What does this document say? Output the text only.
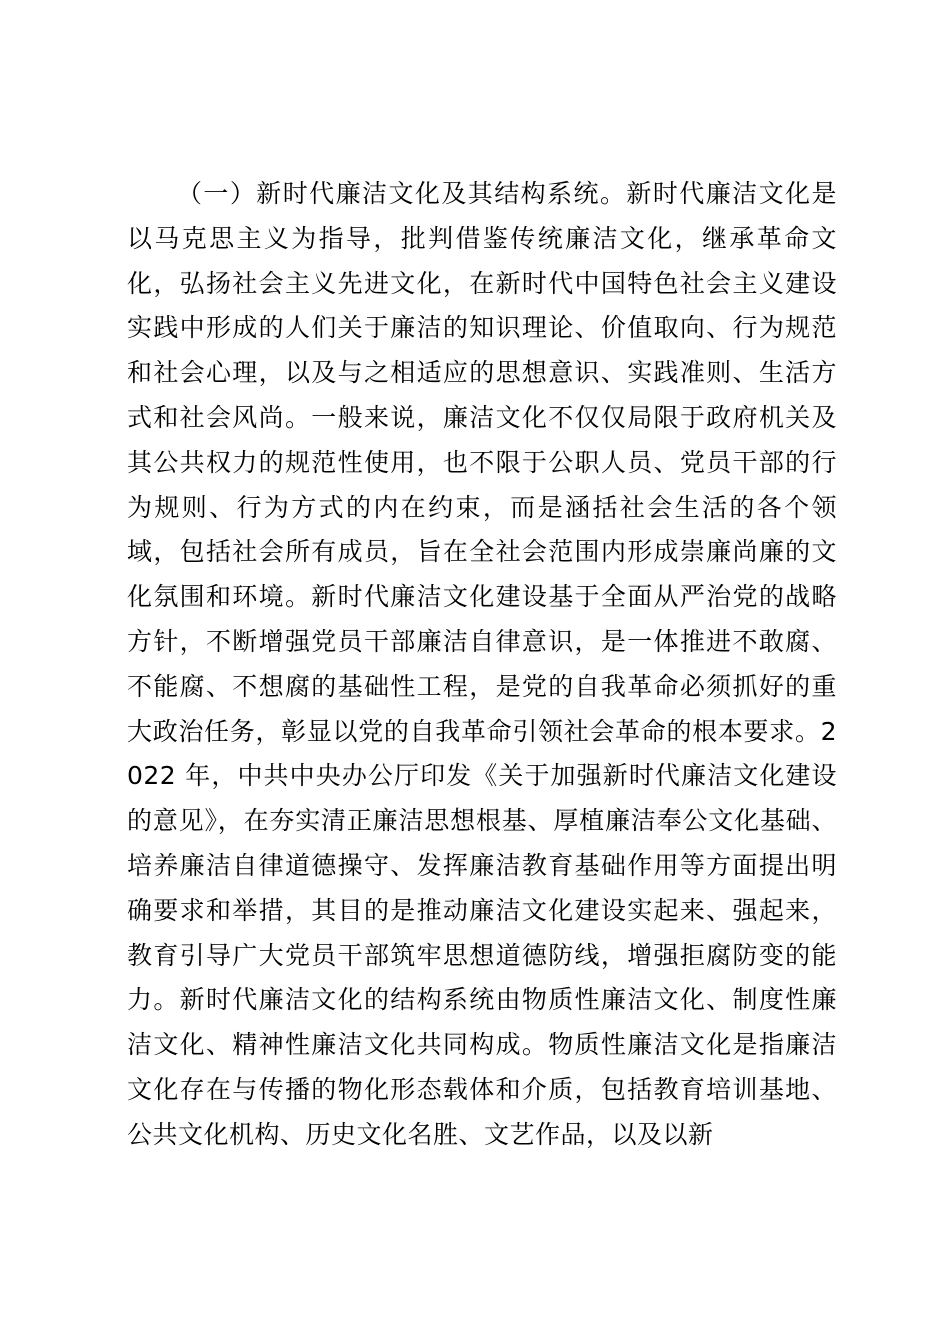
（一）新时代廉洁文化及其结构系统。新时代廉洁文化是以马克思主义为指导，批判借鉴传统廉洁文化，继承革命文化，弘扬社会主义先进文化，在新时代中国特色社会主义建设实践中形成的人们关于廉洁的知识理论、价值取向、行为规范和社会心理，以及与之相适应的思想意识、实践准则、生活方式和社会风尚。一般来说，廉洁文化不仅仅局限于政府机关及其公共权力的规范性使用，也不限于公职人员、党员干部的行为规则、行为方式的内在约束，而是涵括社会生活的各个领域，包括社会所有成员，旨在全社会范围内形成崇廉尚廉的文化氛围和环境。新时代廉洁文化建设基于全面从严治党的战略方针，不断增强党员干部廉洁自律意识，是一体推进不敢腐、不能腐、不想腐的基础性工程，是党的自我革命必须抓好的重大政治任务，彰显以党的自我革命引领社会革命的根本要求。2022 年，中共中央办公厅印发《关于加强新时代廉洁文化建设的意见》，在夯实清正廉洁思想根基、厚植廉洁奉公文化基础、培养廉洁自律道德操守、发挥廉洁教育基础作用等方面提出明确要求和举措，其目的是推动廉洁文化建设实起来、强起来，教育引导广大党员干部筑牢思想道德防线，增强拒腐防变的能力。新时代廉洁文化的结构系统由物质性廉洁文化、制度性廉洁文化、精神性廉洁文化共同构成。物质性廉洁文化是指廉洁文化存在与传播的物化形态载体和介质，包括教育培训基地、公共文化机构、历史文化名胜、文艺作品，以及以新
